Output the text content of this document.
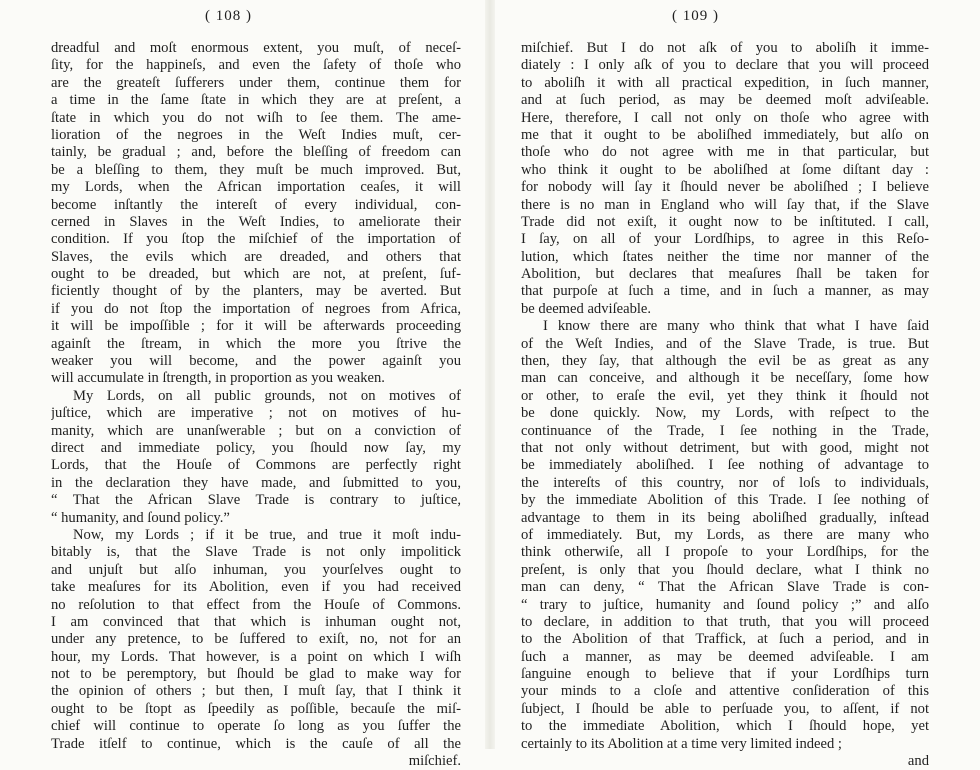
( 108 )
dreadful and moſt enormous extent, you muſt, of neceſ-
ſity, for the happineſs, and even the ſafety of thoſe who
are the greateſt ſufferers under them, continue them for
a time in the ſame ſtate in which they are at preſent, a
ſtate in which you do not wiſh to ſee them. The ame-
lioration of the negroes in the Weſt Indies muſt, cer-
tainly, be gradual ; and, before the bleſſing of freedom can
be a bleſſing to them, they muſt be much improved. But,
my Lords, when the African importation ceaſes, it will
become inſtantly the intereſt of every individual, con-
cerned in Slaves in the Weſt Indies, to ameliorate their
condition. If you ſtop the miſchief of the importation of
Slaves, the evils which are dreaded, and others that
ought to be dreaded, but which are not, at preſent, ſuf-
ficiently thought of by the planters, may be averted. But
if you do not ſtop the importation of negroes from Africa,
it will be impoſſible ; for it will be afterwards proceeding
againſt the ſtream, in which the more you ſtrive the
weaker you will become, and the power againſt you
will accumulate in ſtrength, in proportion as you weaken.
My Lords, on all public grounds, not on motives of
juſtice, which are imperative ; not on motives of hu-
manity, which are unanſwerable ; but on a conviction of
direct and immediate policy, you ſhould now ſay, my
Lords, that the Houſe of Commons are perfectly right
in the declaration they have made, and ſubmitted to you,
“ That the African Slave Trade is contrary to juſtice,
“ humanity, and ſound policy.”
Now, my Lords ; if it be true, and true it moſt indu-
bitably is, that the Slave Trade is not only impolitick
and unjuſt but alſo inhuman, you yourſelves ought to
take meaſures for its Abolition, even if you had received
no reſolution to that effect from the Houſe of Commons.
I am convinced that that which is inhuman ought not,
under any pretence, to be ſuffered to exiſt, no, not for an
hour, my Lords. That however, is a point on which I wiſh
not to be peremptory, but ſhould be glad to make way for
the opinion of others ; but then, I muſt ſay, that I think it
ought to be ſtopt as ſpeedily as poſſible, becauſe the miſ-
chief will continue to operate ſo long as you ſuffer the
Trade itſelf to continue, which is the cauſe of all the
miſchief.
( 109 )
miſchief. But I do not aſk of you to aboliſh it imme-
diately : I only aſk of you to declare that you will proceed
to aboliſh it with all practical expedition, in ſuch manner,
and at ſuch period, as may be deemed moſt adviſeable.
Here, therefore, I call not only on thoſe who agree with
me that it ought to be aboliſhed immediately, but alſo on
thoſe who do not agree with me in that particular, but
who think it ought to be aboliſhed at ſome diſtant day :
for nobody will ſay it ſhould never be aboliſhed ; I believe
there is no man in England who will ſay that, if the Slave
Trade did not exiſt, it ought now to be inſtituted. I call,
I ſay, on all of your Lordſhips, to agree in this Reſo-
lution, which ſtates neither the time nor manner of the
Abolition, but declares that meaſures ſhall be taken for
that purpoſe at ſuch a time, and in ſuch a manner, as may
be deemed adviſeable.
I know there are many who think that what I have ſaid
of the Weſt Indies, and of the Slave Trade, is true. But
then, they ſay, that although the evil be as great as any
man can conceive, and although it be neceſſary, ſome how
or other, to eraſe the evil, yet they think it ſhould not
be done quickly. Now, my Lords, with reſpect to the
continuance of the Trade, I ſee nothing in the Trade,
that not only without detriment, but with good, might not
be immediately aboliſhed. I ſee nothing of advantage to
the intereſts of this country, nor of loſs to individuals,
by the immediate Abolition of this Trade. I ſee nothing of
advantage to them in its being aboliſhed gradually, inſtead
of immediately. But, my Lords, as there are many who
think otherwiſe, all I propoſe to your Lordſhips, for the
preſent, is only that you ſhould declare, what I think no
man can deny, “ That the African Slave Trade is con-
“ trary to juſtice, humanity and ſound policy ;” and alſo
to declare, in addition to that truth, that you will proceed
to the Abolition of that Traffick, at ſuch a period, and in
ſuch a manner, as may be deemed adviſeable. I am
ſanguine enough to believe that if your Lordſhips turn
your minds to a cloſe and attentive conſideration of this
ſubject, I ſhould be able to perſuade you, to aſſent, if not
to the immediate Abolition, which I ſhould hope, yet
certainly to its Abolition at a time very limited indeed ;
and
